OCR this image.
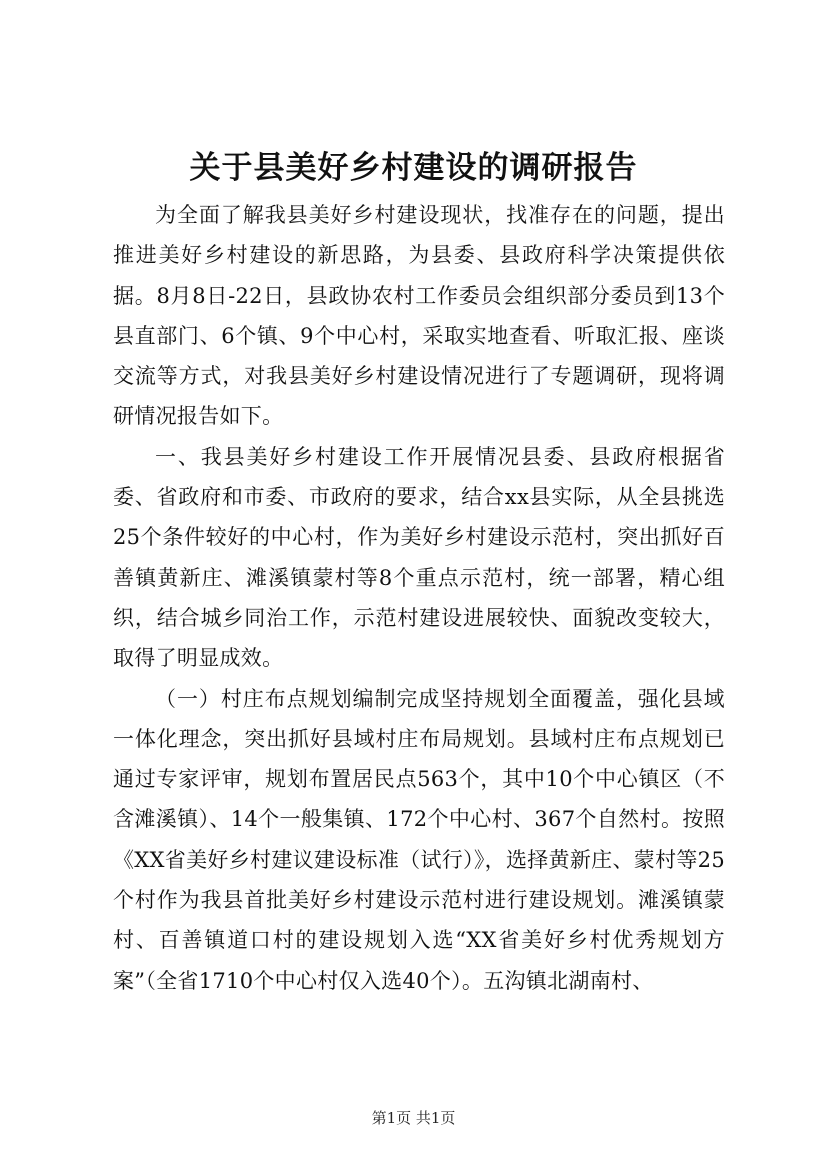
关于县美好乡村建设的调研报告

为全面了解我县美好乡村建设现状，找准存在的问题，提出推进美好乡村建设的新思路，为县委、县政府科学决策提供依据。8月8日-22日，县政协农村工作委员会组织部分委员到13个县直部门、6个镇、9个中心村，采取实地查看、听取汇报、座谈交流等方式，对我县美好乡村建设情况进行了专题调研，现将调研情况报告如下。

一、我县美好乡村建设工作开展情况县委、县政府根据省委、省政府和市委、市政府的要求，结合xx县实际，从全县挑选25个条件较好的中心村，作为美好乡村建设示范村，突出抓好百善镇黄新庄、滩溪镇蒙村等8个重点示范村，统一部署，精心组织，结合城乡同治工作，示范村建设进展较快、面貌改变较大，取得了明显成效。

（一）村庄布点规划编制完成坚持规划全面覆盖，强化县域一体化理念，突出抓好县域村庄布局规划。县域村庄布点规划已通过专家评审，规划布置居民点563个，其中10个中心镇区（不含滩溪镇）、14个一般集镇、172个中心村、367个自然村。按照《XX省美好乡村建议建设标准（试行）》，选择黄新庄、蒙村等25个村作为我县首批美好乡村建设示范村进行建设规划。滩溪镇蒙村、百善镇道口村的建设规划入选“XX省美好乡村优秀规划方案”（全省1710个中心村仅入选40个）。五沟镇北湖南村、

第1页 共1页
